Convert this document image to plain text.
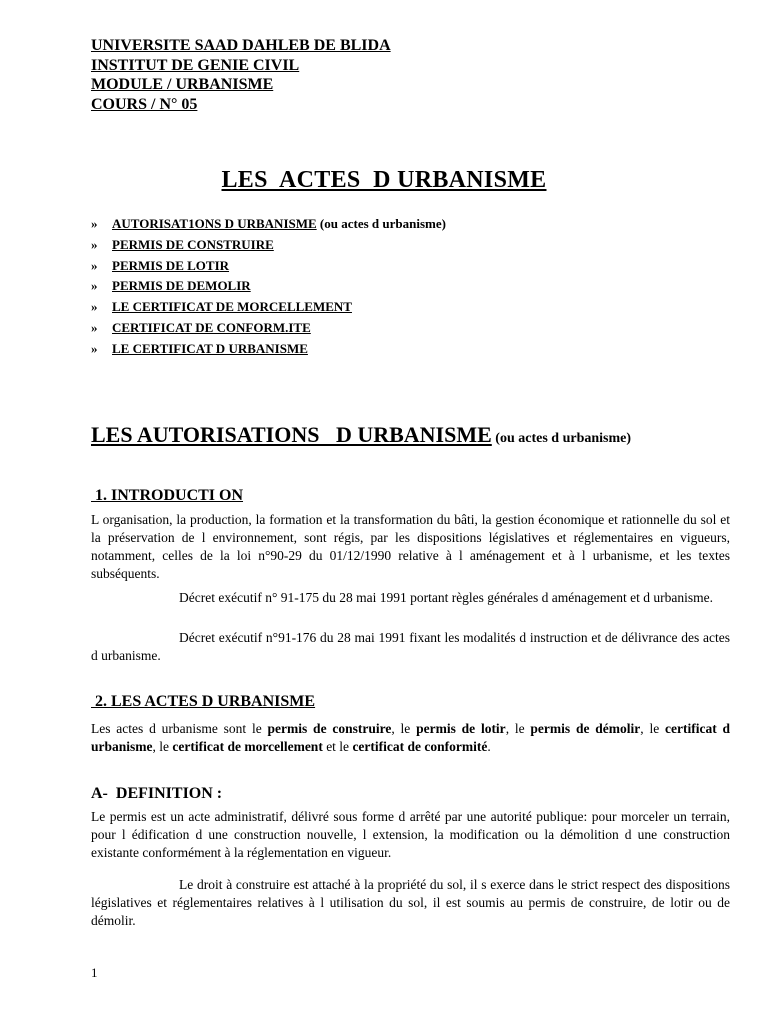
UNIVERSITE SAAD DAHLEB DE BLIDA
INSTITUT DE GENIE CIVIL
MODULE / URBANISME
COURS / N° 05
LES  ACTES  D URBANISME
» AUTORISAT1ONS D URBANISME (ou actes d urbanisme)
» PERMIS DE CONSTRUIRE
» PERMIS DE LOTIR
» PERMIS DE DEMOLIR
» LE CERTIFICAT DE MORCELLEMENT
» CERTIFICAT DE CONFORM.ITE
» LE CERTIFICAT D URBANISME
LES AUTORISATIONS   D URBANISME (ou actes d urbanisme)
1. INTRODUCTI ON
L organisation, la production, la formation et la transformation du bâti, la gestion économique et rationnelle du sol et la préservation de l environnement, sont régis, par les dispositions législatives et réglementaires en vigueurs, notamment, celles de la loi n°90-29 du 01/12/1990 relative à l aménagement et à l urbanisme, et les textes subséquents.
Décret exécutif n° 91-175 du 28 mai 1991 portant règles générales d aménagement et d urbanisme.
Décret exécutif n°91-176 du 28 mai 1991 fixant les modalités d instruction et de délivrance des actes d urbanisme.
2. LES ACTES D URBANISME
Les actes d urbanisme sont le permis de construire, le permis de lotir, le permis de démolir, le certificat d urbanisme, le certificat de morcellement et le certificat de conformité.
A-  DEFINITION :
Le permis est un acte administratif, délivré sous forme d arrêté par une autorité publique: pour morceler un terrain, pour l édification d une construction nouvelle, l extension, la modification ou la démolition d une construction existante conformément à la réglementation en vigueur.
Le droit à construire est attaché à la propriété du sol, il s exerce dans le strict respect des dispositions législatives et réglementaires relatives à l utilisation du sol, il est soumis au permis de construire, de lotir ou de démolir.
1
